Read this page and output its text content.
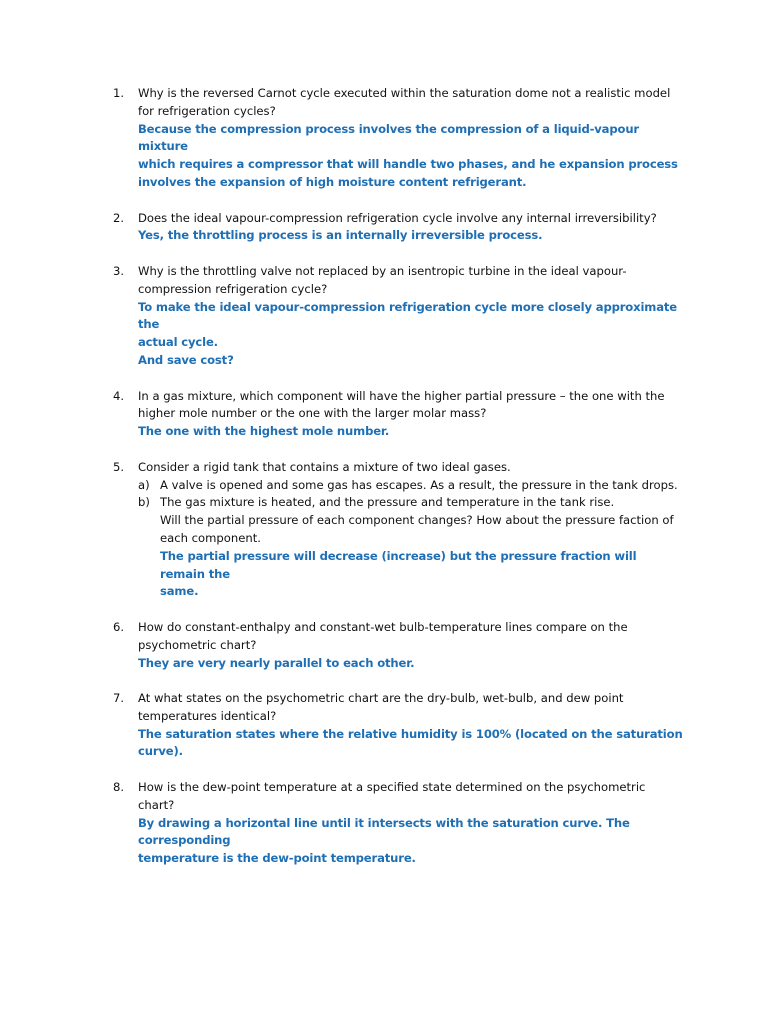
1. Why is the reversed Carnot cycle executed within the saturation dome not a realistic model
for refrigeration cycles?
Because the compression process involves the compression of a liquid-vapour mixture
which requires a compressor that will handle two phases, and he expansion process
involves the expansion of high moisture content refrigerant.
2. Does the ideal vapour-compression refrigeration cycle involve any internal irreversibility?
Yes, the throttling process is an internally irreversible process.
3. Why is the throttling valve not replaced by an isentropic turbine in the ideal vapour-
compression refrigeration cycle?
To make the ideal vapour-compression refrigeration cycle more closely approximate the
actual cycle.
And save cost?
4. In a gas mixture, which component will have the higher partial pressure – the one with the
higher mole number or the one with the larger molar mass?
The one with the highest mole number.
5. Consider a rigid tank that contains a mixture of two ideal gases.
a) A valve is opened and some gas has escapes. As a result, the pressure in the tank drops.
b) The gas mixture is heated, and the pressure and temperature in the tank rise.
Will the partial pressure of each component changes? How about the pressure faction of
each component.
The partial pressure will decrease (increase) but the pressure fraction will remain the
same.
6. How do constant-enthalpy and constant-wet bulb-temperature lines compare on the
psychometric chart?
They are very nearly parallel to each other.
7. At what states on the psychometric chart are the dry-bulb, wet-bulb, and dew point
temperatures identical?
The saturation states where the relative humidity is 100% (located on the saturation
curve).
8. How is the dew-point temperature at a specified state determined on the psychometric
chart?
By drawing a horizontal line until it intersects with the saturation curve. The corresponding
temperature is the dew-point temperature.
